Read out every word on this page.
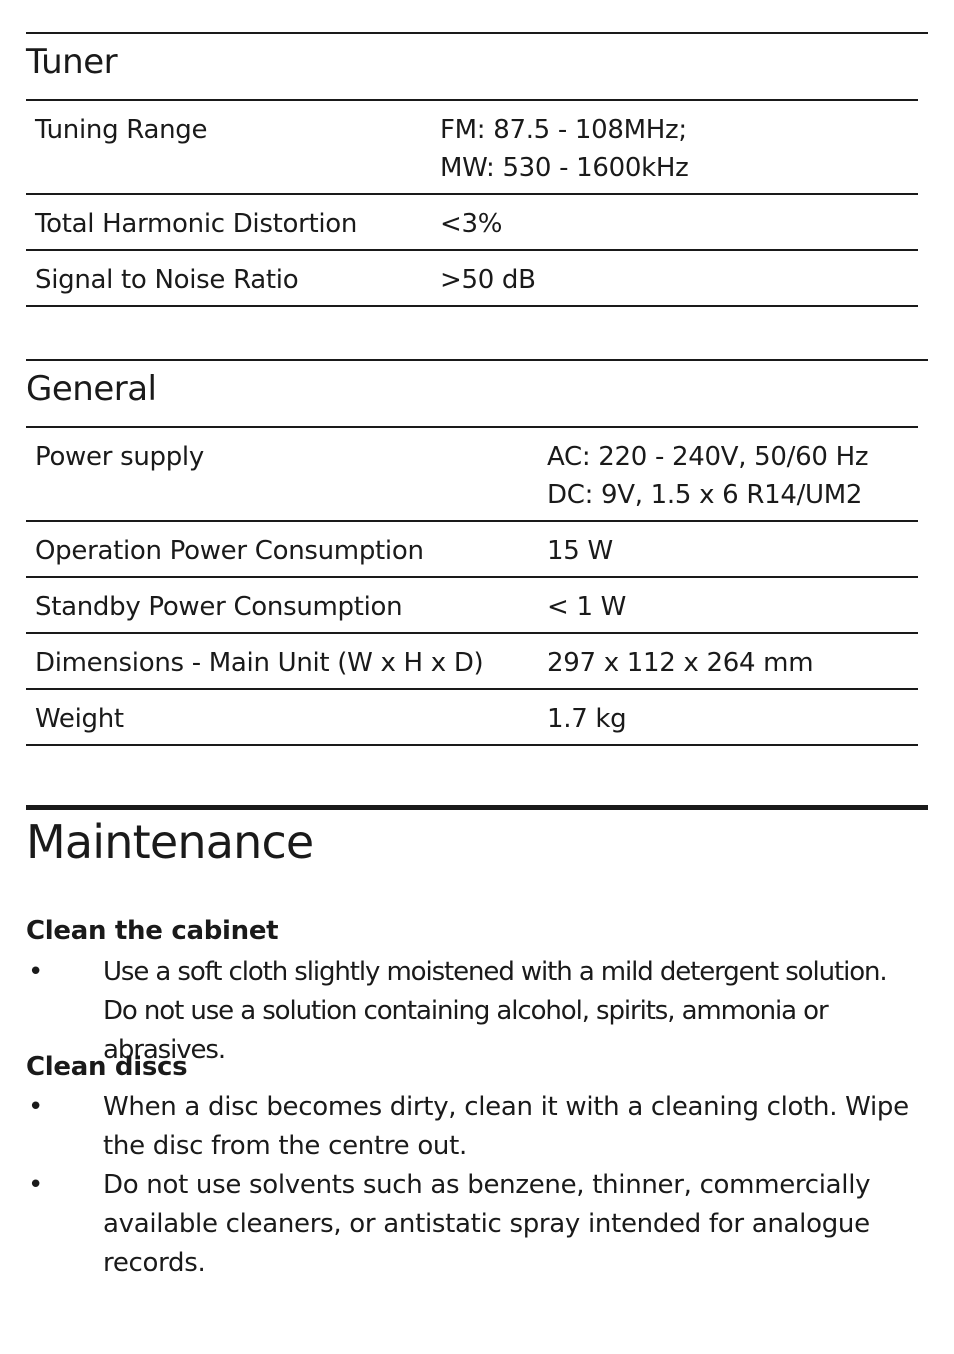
Tuner
Tuning Range	FM: 87.5 - 108MHz;
MW: 530 - 1600kHz

Total Harmonic Distortion	<3%

Signal to Noise Ratio	>50 dB
General
Power supply	AC: 220 - 240V, 50/60 Hz
DC: 9V, 1.5 x 6 R14/UM2

Operation Power Consumption	15 W

Standby Power Consumption	< 1 W

Dimensions - Main Unit (W x H x D)	297 x 112 x 264 mm

Weight	1.7 kg
Maintenance
Clean the cabinet
• Use a soft cloth slightly moistened with a mild detergent solution. Do not use a solution containing alcohol, spirits, ammonia or abrasives.
Clean discs
• When a disc becomes dirty, clean it with a cleaning cloth. Wipe the disc from the centre out.
• Do not use solvents such as benzene, thinner, commercially available cleaners, or antistatic spray intended for analogue records.
